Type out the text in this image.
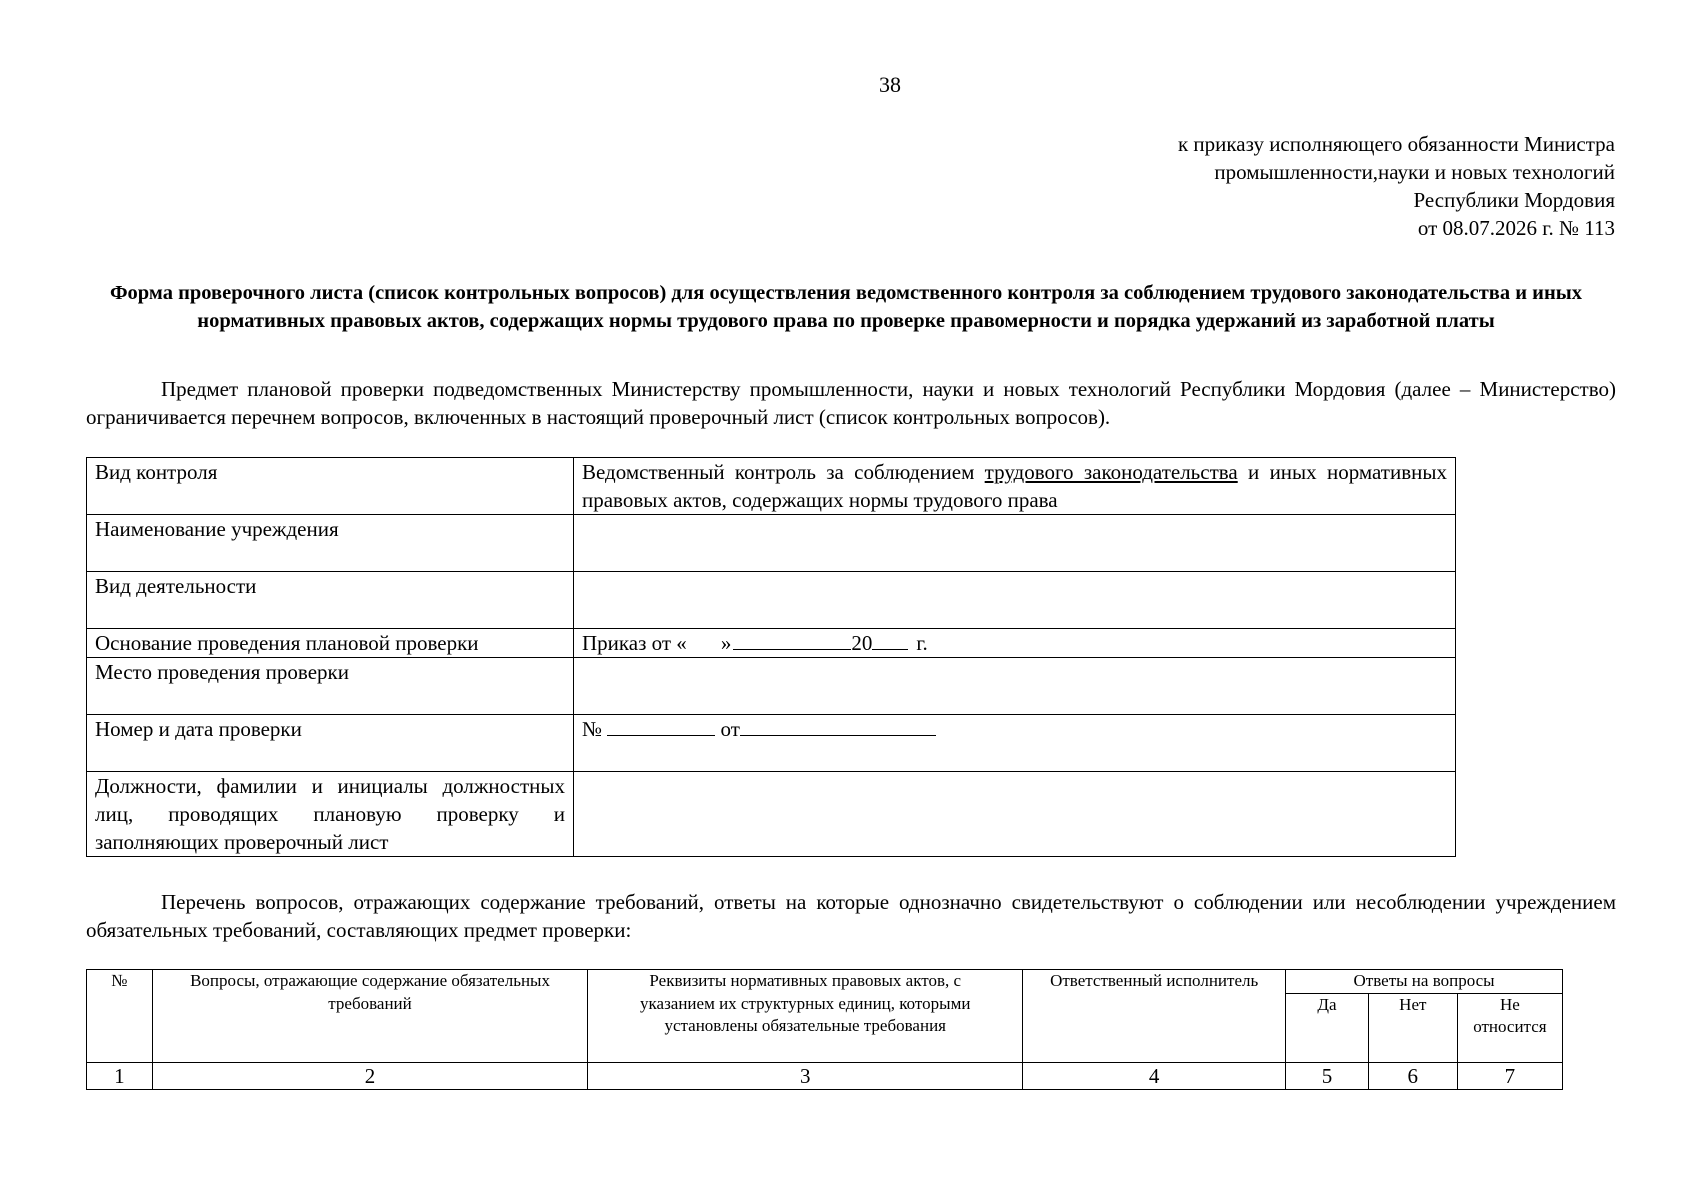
38
к приказу исполняющего обязанности Министра
промышленности,науки и новых технологий
Республики Мордовия
от 08.07.2026 г. № 113
Форма проверочного листа (список контрольных вопросов) для осуществления ведомственного контроля за соблюдением трудового законодательства и иных нормативных правовых актов, содержащих нормы трудового права по проверке правомерности и порядка удержаний из заработной платы
Предмет плановой проверки подведомственных Министерству промышленности, науки и новых технологий Республики Мордовия (далее – Министерство) ограничивается перечнем вопросов, включенных в настоящий проверочный лист (список контрольных вопросов).
Вид контроля	Ведомственный контроль за соблюдением трудового законодательства и иных нормативных правовых актов, содержащих нормы трудового права
Наименование учреждения	
Вид деятельности	
Основание проведения плановой проверки	Приказ от « » 20 г.
Место проведения проверки	
Номер и дата проверки	№ от
Должности, фамилии и инициалы должностных лиц, проводящих плановую проверку и заполняющих проверочный лист	
Перечень вопросов, отражающих содержание требований, ответы на которые однозначно свидетельствуют о соблюдении или несоблюдении учреждением обязательных требований, составляющих предмет проверки:
№	Вопросы, отражающие содержание обязательных требований	Реквизиты нормативных правовых актов, с указанием их структурных единиц, которыми установлены обязательные требования	Ответственный исполнитель	Ответы на вопросы		
				Да	Нет	Не относится
1	2	3	4	5	6	7
